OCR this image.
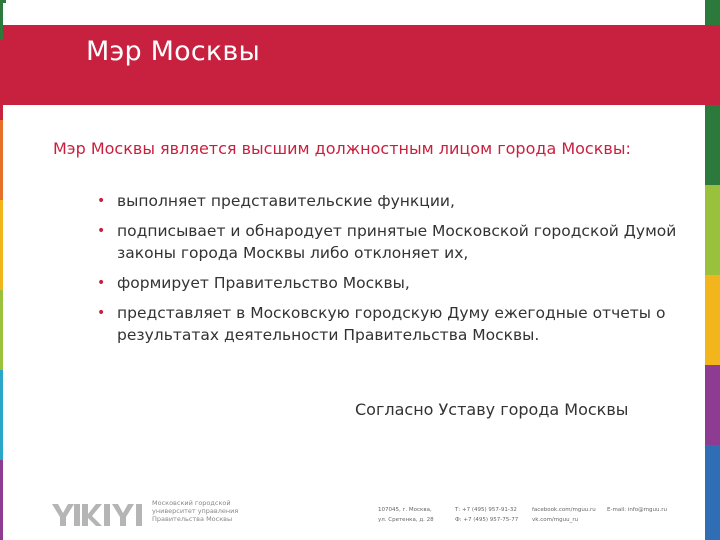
Мэр Москвы
Мэр Москвы является высшим должностным лицом города Москвы:
• выполняет представительские функции,
• подписывает и обнародует принятые Московской городской Думой законы города Москвы либо отклоняет их,
• формирует Правительство Москвы,
• представляет в Московскую городскую Думу ежегодные отчеты о результатах деятельности Правительства Москвы.
Согласно Уставу города Москвы
Московский городской
университет управления
Правительства Москвы
107045, г. Москва,
ул. Сретенка, д. 28
Т: +7 (495) 957-91-32
Ф: +7 (495) 957-75-77
facebook.com/mguu.ru
vk.com/mguu_ru
E-mail: info@mguu.ru
